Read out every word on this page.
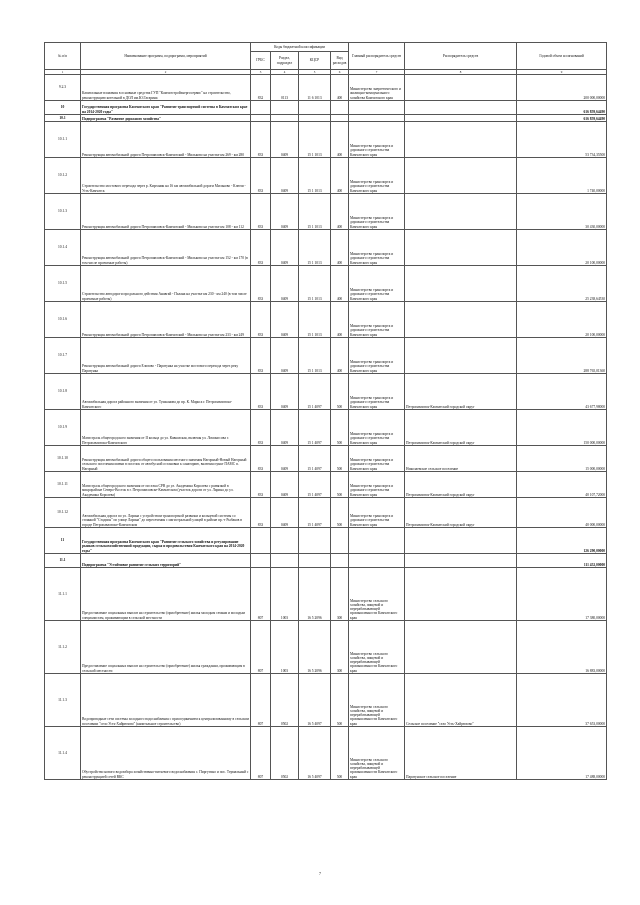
№ п/п	Наименование программ, подпрограмм, мероприятий	Коды бюджетной классификации				Главный распорядитель средств	Распорядитель средств	Годовой объем ассигнований
		ГРБС	Раздел, подраздел	КЦСР	Вид расходов			
1	2	3	4	5	6	7	8	9
9.2.3	Капитальные вложения в основные средства ГУП "Камчатстройэнергосервис" на строительство, реконструкцию котельной в ДОЛ им.Ю.Гагарина	832	0113	11 6 1013	400	Министерство энергетического и жилищно-коммунального хозяйства Камчатского края		200 000,00000
10	Государственная программа Камчатского края "Развитие транспортной системы в Камчатском крае на 2014-2020 годы"							616 859,64490
10.1	Подпрограмма "Развитие дорожного хозяйства"							616 859,64490
10.1.1	Реконструкция автомобильной дороги Петропавловск-Камчатский - Мильково на участке км 269 - км 280	833	0409	15 1 1013	400	Министерство транспорта и дорожного строительства Камчатского края		53 734,35500
10.1.2	Строительство мостового перехода через р. Кирганик на 16 км автомобильной дороги Мильково - Ключи - Усть-Камчатск	833	0409	15 1 1013	400	Министерство транспорта и дорожного строительства Камчатского края		1 740,00000
10.1.3	Реконструкция автомобильной дороги Петропавловск-Камчатский - Мильково на участке км 108 - км 112	833	0409	15 1 1013	400	Министерство транспорта и дорожного строительства Камчатского края		30 430,00000
10.1.4	Реконструкция автомобильной дороги Петропавловск-Камчатский - Мильково на участке км 152 - км 170 (в том числе проектные работы)	833	0409	15 1 1013	400	Министерство транспорта и дорожного строительства Камчатского края		20 100,00000
10.1.5	Строительство автодороги продольного действия Анавгай - Палана на участке км 230 - км 240 (в том числе проектные работы)	833	0409	15 1 1013	400	Министерство транспорта и дорожного строительства Камчатского края		25 238,64530
10.1.6	Реконструкция автомобильной дороги Петропавловск-Камчатский - Мильково на участке км 233 - км 249	833	0409	15 1 1013	400	Министерство транспорта и дорожного строительства Камчатского края		20 100,00000
10.1.7	Реконструкция автомобильной дороги Елизово - Паратунка на участке мостового перехода через реку Паратунка	833	0409	15 1 1013	400	Министерство транспорта и дорожного строительства Камчатского края		288 765,01360
10.1.8	Автомобильная дорога районного значения от ул. Тушканова до пр. К. Маркса г. Петропавловска-Камчатского	833	0409	15 1 4097	500	Министерство транспорта и дорожного строительства Камчатского края	Петропавловск-Камчатский городской округ	43 677,98000
10.1.9	Магистраль общегородского значения от II кольца до ул. Кавказская, включая ул. Ломоносова г. Петропавловска-Камчатского	833	0409	15 1 4097	500	Министерство транспорта и дорожного строительства Камчатского края	Петропавловск-Камчатский городской округ	150 000,00000
10.1.10	Реконструкция автомобильной дороги общего пользования местного значения Нагорный-Новый Нагорный сельского поселения имени в поселок от автобусной остановки к санаторию, включая пункт ПАМС п. Нагорный	833	0409	15 1 4097	500	Министерство транспорта и дорожного строительства Камчатского края	Николаевское сельское поселение	15 000,00000
10.1.11	Магистраль общегородского значения от поселка СРВ до ул. Академика Королева с развязкой в микрорайоне Северо-Восток в г. Петропавловске-Камчатском (участок дороги от ул. Ларина до ул. Академика Королева)	833	0409	15 1 4097	500	Министерство транспорта и дорожного строительства Камчатского края	Петропавловск-Камчатский городской округ	40 107,72000
10.1.12	Автомобильная дорога по ул. Ларина с устройством транспортной развязки и кольцевой системы со стоянкой "Стадион" по улице Ларина" до пересечения с магистральной улицей в районе пр.-т Рыбаков в городе Петропавловске-Камчатском	833	0409	15 1 4097	500	Министерство транспорта и дорожного строительства Камчатского края	Петропавловск-Камчатский городской округ	40 000,00000
11	Государственная программа Камчатского края "Развитие сельского хозяйства и регулирование рынков сельскохозяйственной продукции, сырья и продовольствия Камчатского края на 2014-2020 годы"							126 290,00000
11.1	Подпрограмма "Устойчивое развитие сельских территорий"							111 452,00000
11.1.1	Предоставление социальных выплат на строительство (приобретение) жилья молодым семьям и молодым специалистам, проживающим в сельской местности	807	1003	16 5 2096	300	Министерство сельского хозяйства, пищевой и перерабатывающей промышленности Камчатского края		17 380,00000
11.1.2	Предоставление социальных выплат на строительство (приобретение) жилья гражданам, проживающим в сельской местности	807	1003	16 5 2096	300	Министерство сельского хозяйства, пищевой и перерабатывающей промышленности Камчатского края		16 883,00000
11.1.3	Водопроводные сети системы холодного водоснабжения с присоединением к централизованному в сельском поселении "село Усть-Хайрюзово" (капитальное строительство)	807	0502	16 5 4097	500	Министерство сельского хозяйства, пищевой и перерабатывающей промышленности Камчатского края	Сельское поселение "село Усть-Хайрюзово"	37 653,00000
11.1.4	Обустройство нового водозабора хозяйственно-питьевого водоснабжения с. Пиргутино и пос. Термальный с реконструкцией сетей ВКС	807	0502	16 5 4097	500	Министерство сельского хозяйства, пищевой и перерабатывающей промышленности Камчатского края	Паратунское сельское поселение	17 488,00000
7
